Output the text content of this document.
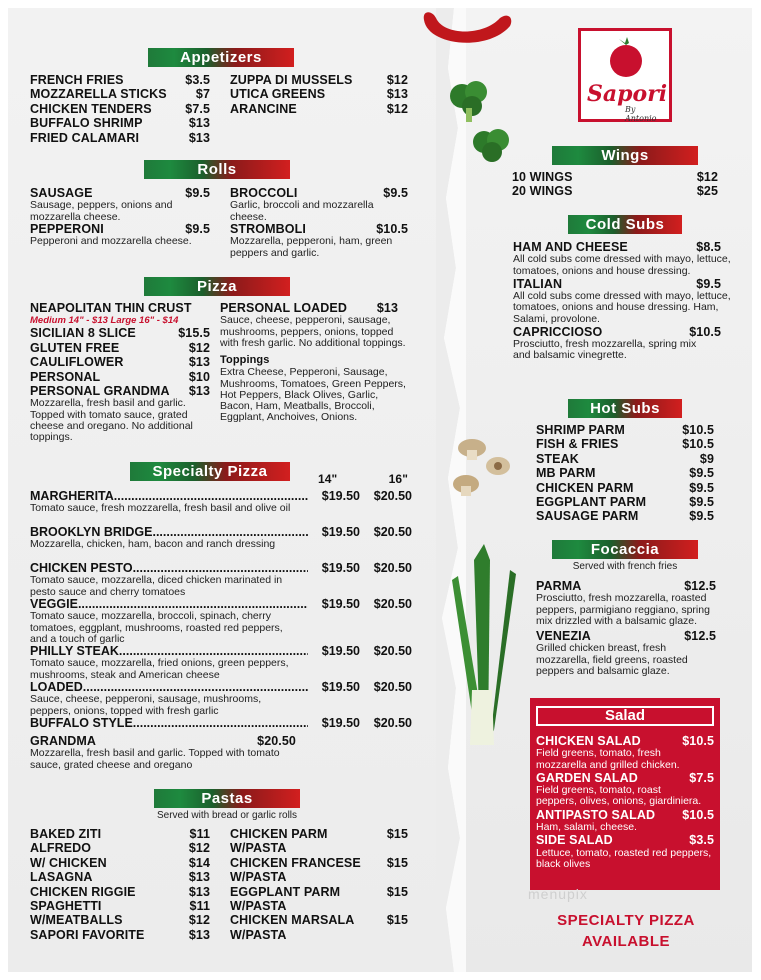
Sapori
By Antonio
Appetizers
FRENCH FRIES	$3.5
MOZZARELLA STICKS $7
CHICKEN TENDERS	$7.5
BUFFALO SHRIMP	$13
FRIED CALAMARI	$13
ZUPPA DI MUSSELS	$12
UTICA GREENS	$13
ARANCINE	$12
Rolls
SAUSAGE	$9.5
Sausage, peppers, onions and mozzarella cheese.
BROCCOLI	$9.5
Garlic, broccoli and mozzarella cheese.
PEPPERONI	$9.5
Pepperoni and mozzarella cheese.
STROMBOLI	$10.5
Mozzarella, pepperoni, ham, green peppers and garlic.
Pizza
NEAPOLITAN THIN CRUST
Medium 14" - $13 Large 16" - $14
SICILIAN 8 SLICE	$15.5
GLUTEN FREE	$12
CAULIFLOWER	$13
PERSONAL	$10
PERSONAL GRANDMA $13
Mozzarella, fresh basil and garlic. Topped with tomato sauce, grated cheese and oregano. No additional toppings.
PERSONAL LOADED $13
Sauce, cheese, pepperoni, sausage, mushrooms, peppers, onions, topped with fresh garlic. No additional toppings.
Toppings
Extra Cheese, Pepperoni, Sausage, Mushrooms, Tomatoes, Green Peppers, Hot Peppers, Black Olives, Garlic, Bacon, Ham, Meatballs, Broccoli, Eggplant, Anchoives, Onions.
Specialty Pizza	14"	16"
MARGHERITA .....	$19.50	$20.50
Tomato sauce, fresh mozzarella, fresh basil and olive oil
BROOKLYN BRIDGE .....	$19.50	$20.50
Mozzarella, chicken, ham, bacon and ranch dressing
CHICKEN PESTO .....	$19.50	$20.50
Tomato sauce, mozzarella, diced chicken marinated in pesto sauce and cherry tomatoes
VEGGIE .....	$19.50	$20.50
Tomato sauce, mozzarella, broccoli, spinach, cherry tomatoes, eggplant, mushrooms, roasted red peppers, and a touch of garlic
PHILLY STEAK .....	$19.50	$20.50
Tomato sauce, mozzarella, fried onions, green peppers, mushrooms, steak and American cheese
LOADED .....	$19.50	$20.50
Sauce, cheese, pepperoni, sausage, mushrooms, peppers, onions, topped with fresh garlic
BUFFALO STYLE .....	$19.50	$20.50
GRANDMA	$20.50
Mozzarella, fresh basil and garlic. Topped with tomato sauce, grated cheese and oregano
Pastas
Served with bread or garlic rolls
BAKED ZITI	$11
ALFREDO	$12
W/ CHICKEN	$14
LASAGNA	$13
CHICKEN RIGGIE	$13
SPAGHETTI	$11
W/MEATBALLS	$12
SAPORI FAVORITE	$13
CHICKEN PARM	$15
W/PASTA
CHICKEN FRANCESE $15
W/PASTA
EGGPLANT PARM	$15
W/PASTA
CHICKEN MARSALA	$15
W/PASTA
Wings
10 WINGS	$12
20 WINGS	$25
Cold Subs
HAM AND CHEESE	$8.5
All cold subs come dressed with mayo, lettuce, tomatoes, onions and house dressing.
ITALIAN	$9.5
All cold subs come dressed with mayo, lettuce, tomatoes, onions and house dressing. Ham, Salami, provolone.
CAPRICCIOSO	$10.5
Prosciutto, fresh mozzarella, spring mix and balsamic vinegrette.
Hot Subs
SHRIMP PARM	$10.5
FISH & FRIES	$10.5
STEAK	$9
MB PARM	$9.5
CHICKEN PARM	$9.5
EGGPLANT PARM	$9.5
SAUSAGE PARM	$9.5
Focaccia
Served with french fries
PARMA	$12.5
Prosciutto, fresh mozzarella, roasted peppers, parmigiano reggiano, spring mix drizzled with a balsamic glaze.
VENEZIA	$12.5
Grilled chicken breast, fresh mozzarella, field greens, roasted peppers and balsamic glaze.
Salad
CHICKEN SALAD	$10.5
Field greens, tomato, fresh mozzarella and grilled chicken.
GARDEN SALAD	$7.5
Field greens, tomato, roast peppers, olives, onions, giardiniera.
ANTIPASTO SALAD $10.5
Ham, salami, cheese.
SIDE SALAD	$3.5
Lettuce, tomato, roasted red peppers, black olives
menupix
SPECIALTY PIZZA
AVAILABLE
